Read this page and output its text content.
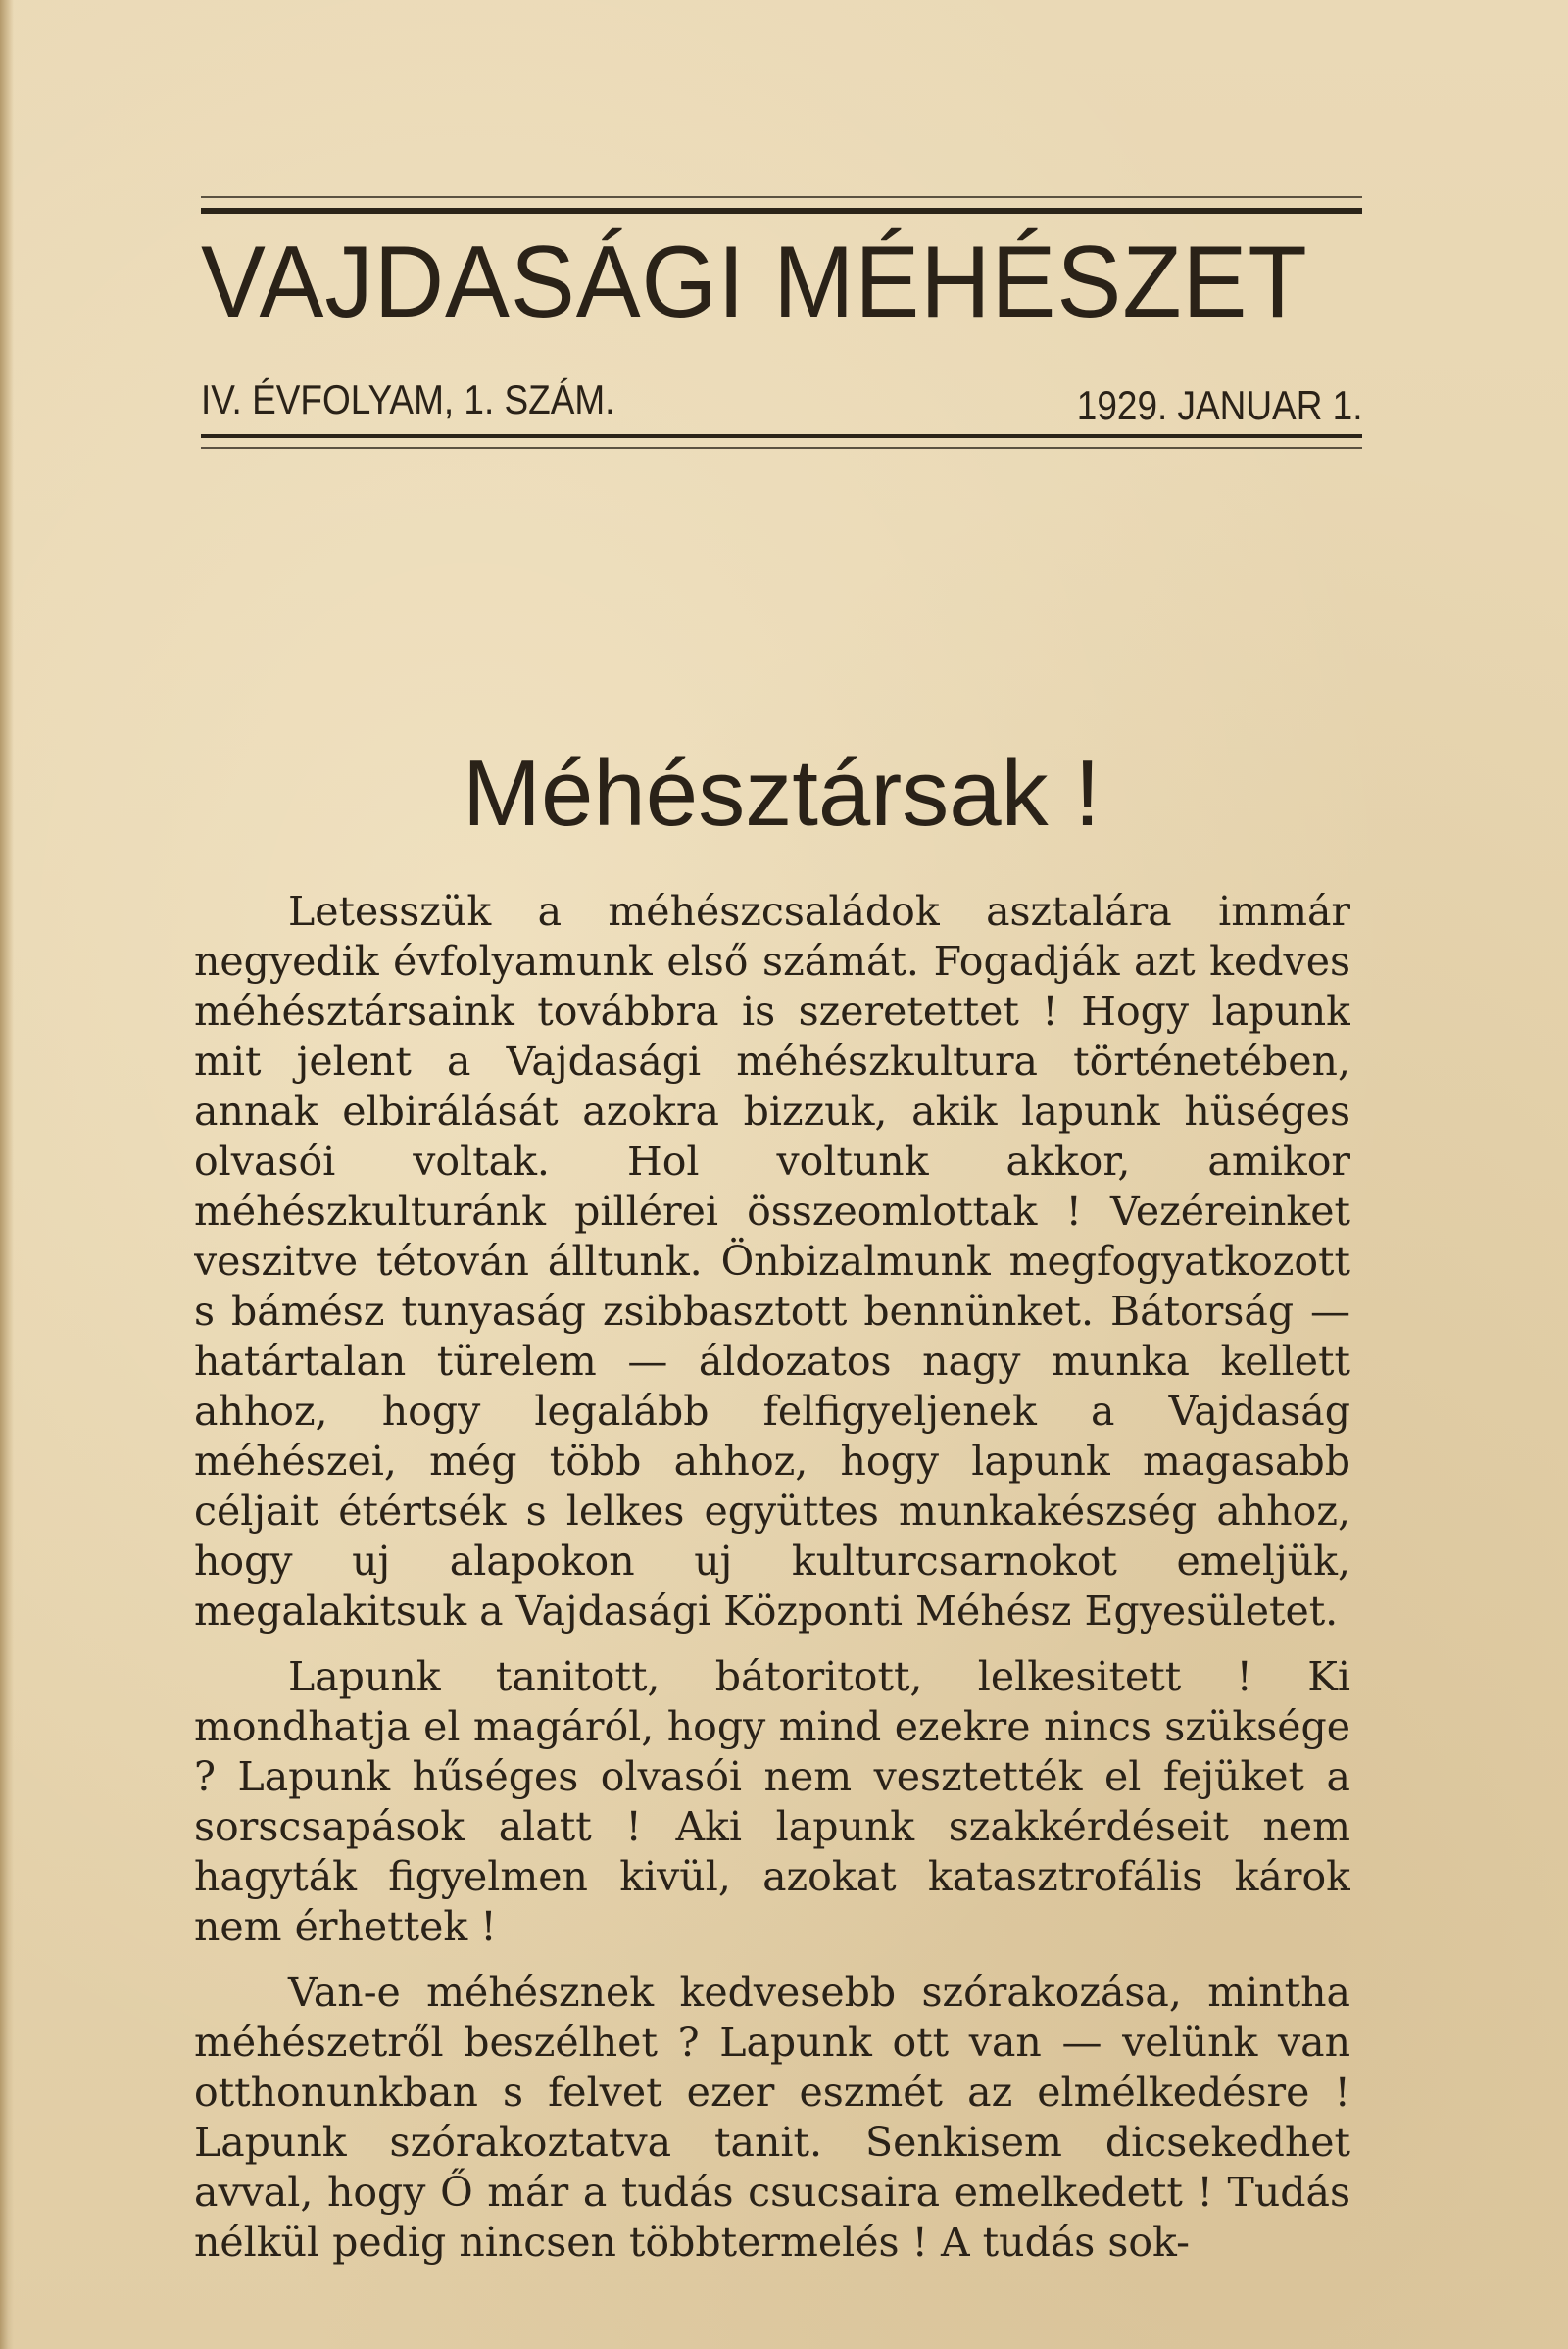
VAJDASÁGI MÉHÉSZET
IV. ÉVFOLYAM, 1. SZÁM.	1929. JANUAR 1.
Méhésztársak !

Letesszük a méhészcsaládok asztalára immár negyedik évfolyamunk első számát. Fogadják azt kedves méhésztársaink továbbra is szeretettet ! Hogy lapunk mit jelent a Vajdasági méhészkultura történetében, annak elbirálását azokra bizzuk, akik lapunk hüséges olvasói voltak. Hol voltunk akkor, amikor méhészkulturánk pillérei összeomlottak ! Vezéreinket veszitve tétován álltunk. Önbizalmunk megfogyatkozott s bámész tunyaság zsibbasztott bennünket. Bátorság — határtalan türelem — áldozatos nagy munka kellett ahhoz, hogy legalább felfigyeljenek a Vajdaság méhészei, még több ahhoz, hogy lapunk magasabb céljait étértsék s lelkes együttes munkakészség ahhoz, hogy uj alapokon uj kulturcsarnokot emeljük, megalakitsuk a Vajdasági Központi Méhész Egyesületet.

Lapunk tanitott, bátoritott, lelkesitett ! Ki mondhatja el magáról, hogy mind ezekre nincs szüksége ? Lapunk hűséges olvasói nem vesztették el fejüket a sorscsapások alatt ! Aki lapunk szakkérdéseit nem hagyták figyelmen kivül, azokat katasztrofális károk nem érhettek !

Van-e méhésznek kedvesebb szórakozása, mintha méhészetről beszélhet ? Lapunk ott van — velünk van otthonunkban s felvet ezer eszmét az elmélkedésre ! Lapunk szórakoztatva tanit. Senkisem dicsekedhet avval, hogy Ő már a tudás csucsaira emelkedett ! Tudás nélkül pedig nincsen többtermelés ! A tudás sok-
